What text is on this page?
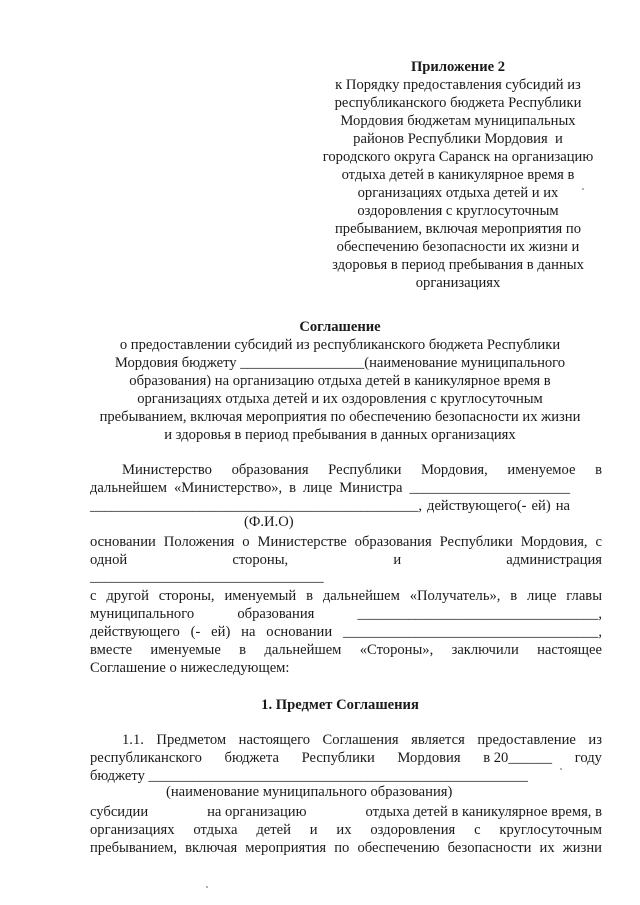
Приложение 2
к Порядку предоставления субсидий из
республиканского бюджета Республики
Мордовия бюджетам муниципальных
районов Республики Мордовия  и
городского округа Саранск на организацию
отдыха детей в каникулярное время в
организациях отдыха детей и их
оздоровления с круглосуточным
пребыванием, включая мероприятия по
обеспечению безопасности их жизни и
здоровья в период пребывания в данных
организациях
Соглашение
о предоставлении субсидий из республиканского бюджета Республики
Мордовия бюджету _________________(наименование муниципального
образования) на организацию отдыха детей в каникулярное время в
организациях отдыха детей и их оздоровления с круглосуточным
пребыванием, включая мероприятия по обеспечению безопасности их жизни
и здоровья в период пребывания в данных организациях
Министерство образования Республики Мордовия, именуемое в
дальнейшем «Министерство», в лице Министра ______________________
_____________________________________________, действующего(- ей) на
(Ф.И.О)
основании Положения о Министерстве образования Республики Мордовия, с
одной	стороны,	и	администрация
________________________________
с другой стороны, именуемый в дальнейшем «Получатель», в лице главы
муниципального	образования	_________________________________,
действующего (- ей) на основании ___________________________________,
вместе именуемые в дальнейшем «Стороны», заключили настоящее
Соглашение о нижеследующем:
1. Предмет Соглашения
1.1. Предметом настоящего Соглашения является предоставление из
республиканского бюджета Республики Мордовия в 20______ году
бюджету ____________________________________________________
(наименование муниципального образования)
субсидии	на организацию	отдыха детей в каникулярное время, в
организациях отдыха детей и их оздоровления с круглосуточным
пребыванием, включая мероприятия по обеспечению безопасности их жизни
